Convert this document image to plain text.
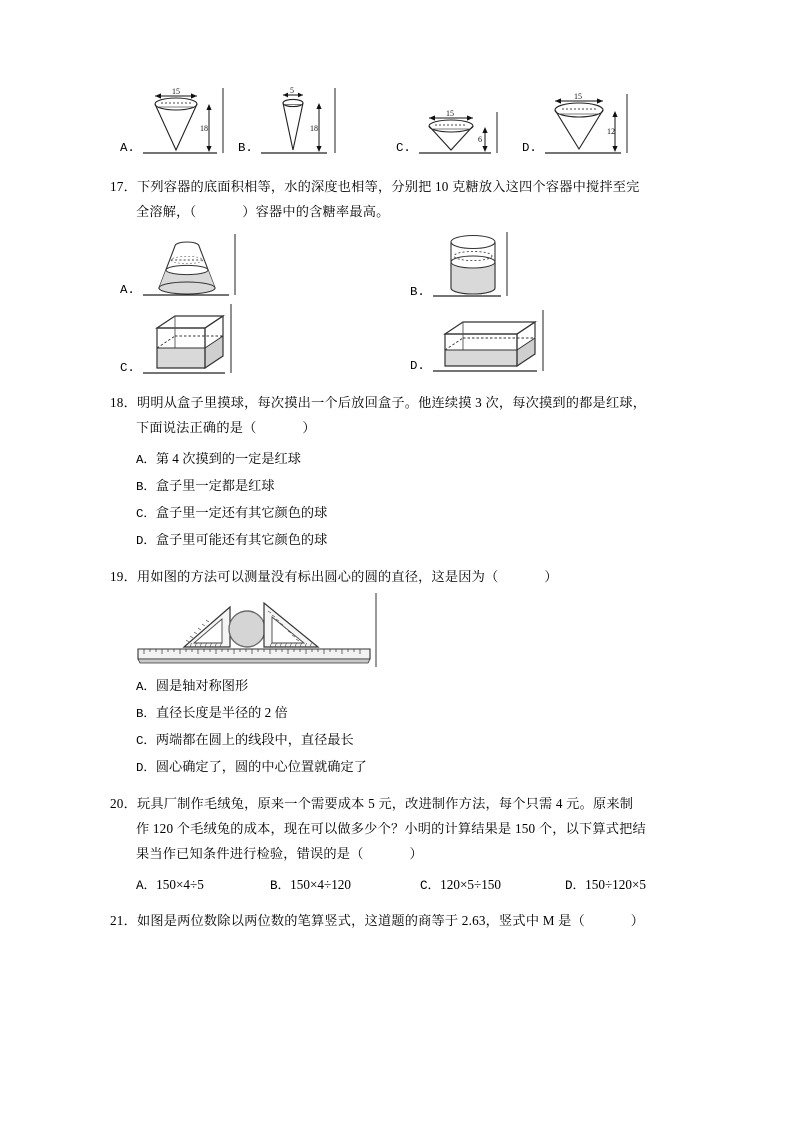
A.
15
18
B.
5
18
C.
15
6
D.
15
12
17．下列容器的底面积相等，水的深度也相等，分别把 10 克糖放入这四个容器中搅拌至完
全溶解，（	）容器中的含糖率最高。
A.	B.
C.	D.
18．明明从盒子里摸球，每次摸出一个后放回盒子。他连续摸 3 次，每次摸到的都是红球，
下面说法正确的是（	）
A．第 4 次摸到的一定是红球
B．盒子里一定都是红球
C．盒子里一定还有其它颜色的球
D．盒子里可能还有其它颜色的球
19．用如图的方法可以测量没有标出圆心的圆的直径，这是因为（	）
A．圆是轴对称图形
B．直径长度是半径的 2 倍
C．两端都在圆上的线段中，直径最长
D．圆心确定了，圆的中心位置就确定了
20．玩具厂制作毛绒兔，原来一个需要成本 5 元，改进制作方法，每个只需 4 元。原来制
作 120 个毛绒兔的成本，现在可以做多少个？小明的计算结果是 150 个，以下算式把结
果当作已知条件进行检验，错误的是（	）
A．150×4÷5	B．150×4÷120	C．120×5÷150	D．150÷120×5
21．如图是两位数除以两位数的笔算竖式，这道题的商等于 2.63，竖式中 M 是（	）
